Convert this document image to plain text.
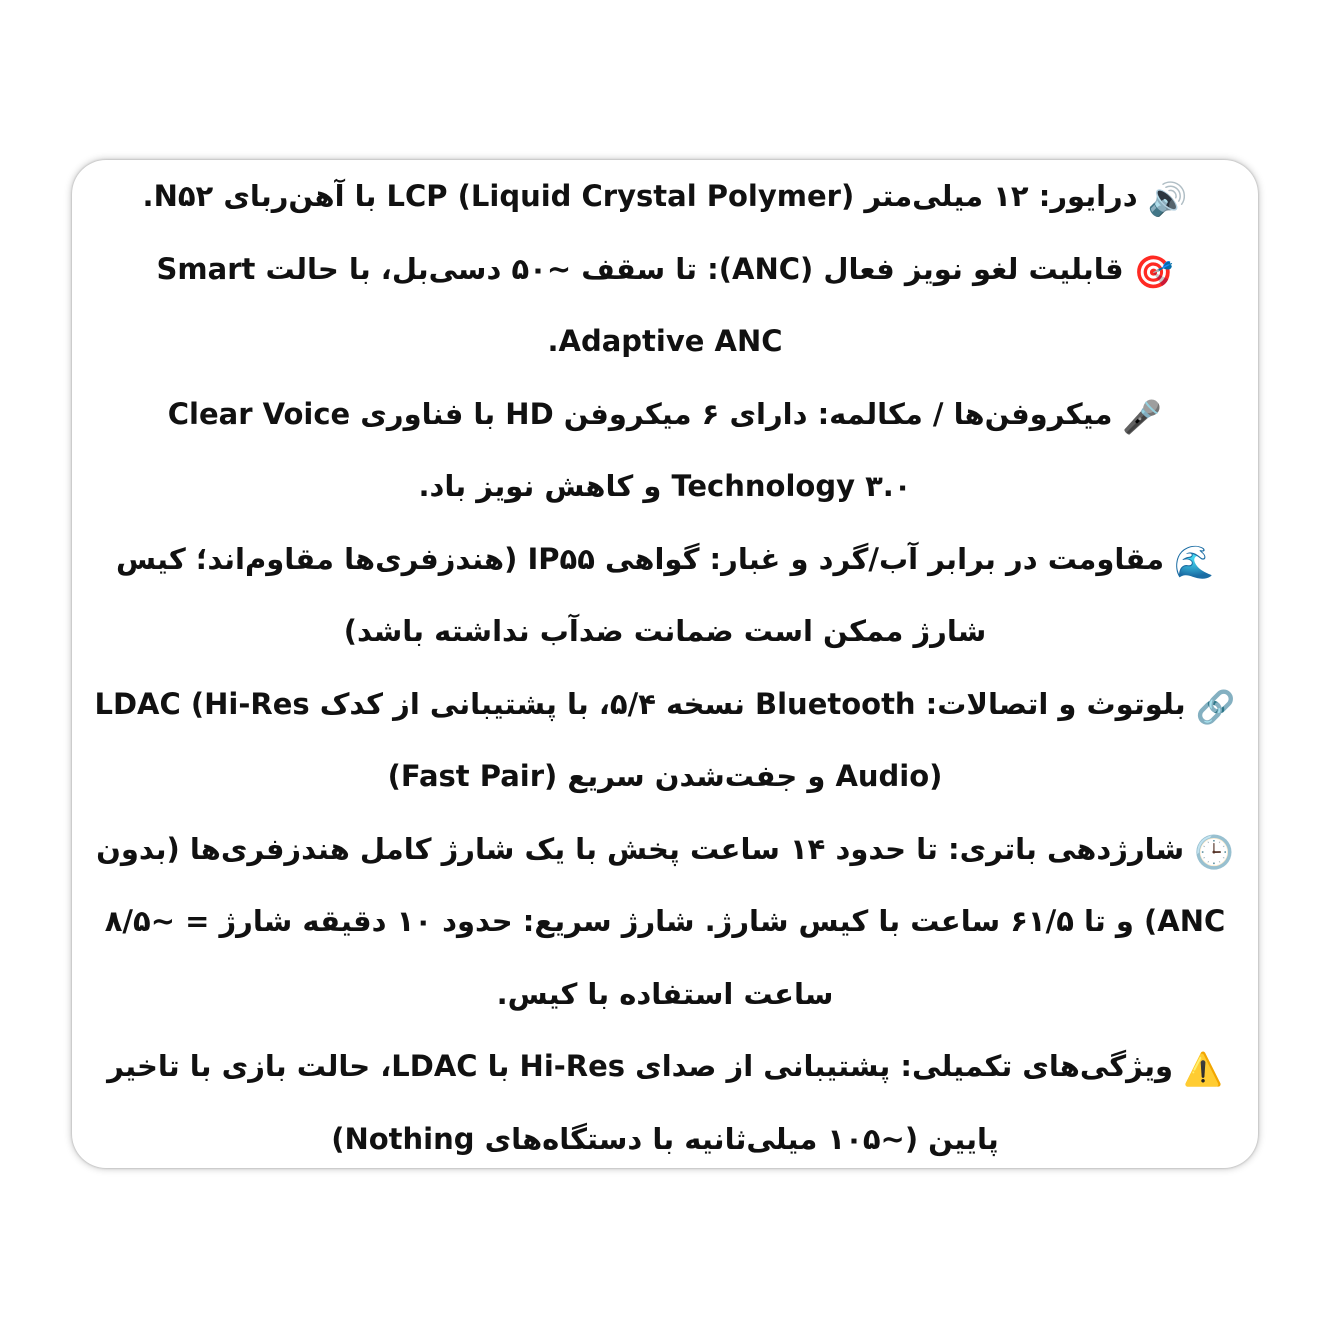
🔊درایور: ۱۲ میلی‌متر (Liquid Crystal Polymer) LCP با آهن‌ربای N۵۲.
🎯قابلیت لغو نویز فعال (ANC): تا سقف ~۵۰ دسی‌بل، با حالت Smart Adaptive ANC.
🎤میکروفن‌ها / مکالمه: دارای ۶ میکروفن HD با فناوری Clear Voice Technology ۳.۰ و کاهش نویز باد.
🌊مقاومت در برابر آب/گرد و غبار: گواهی IP۵۵ (هندزفری‌ها مقاوم‌اند؛ کیس شارژ ممکن است ضمانت ضدآب نداشته باشد)
🔗بلوتوث و اتصالات: Bluetooth نسخه ۵/۴، با پشتیبانی از کدک LDAC (Hi-Res Audio) و جفت‌شدن سریع (Fast Pair)
🕒شارژدهی باتری: تا حدود ۱۴ ساعت پخش با یک شارژ کامل هندزفری‌ها (بدون ANC) و تا ۶۱/۵ ساعت با کیس شارژ. شارژ سریع: حدود ۱۰ دقیقه شارژ = ~۸/۵ ساعت استفاده با کیس.
⚠️ویژگی‌های تکمیلی: پشتیبانی از صدای Hi-Res با LDAC، حالت بازی با تاخیر پایین (~۱۰۵ میلی‌ثانیه با دستگاه‌های Nothing)
